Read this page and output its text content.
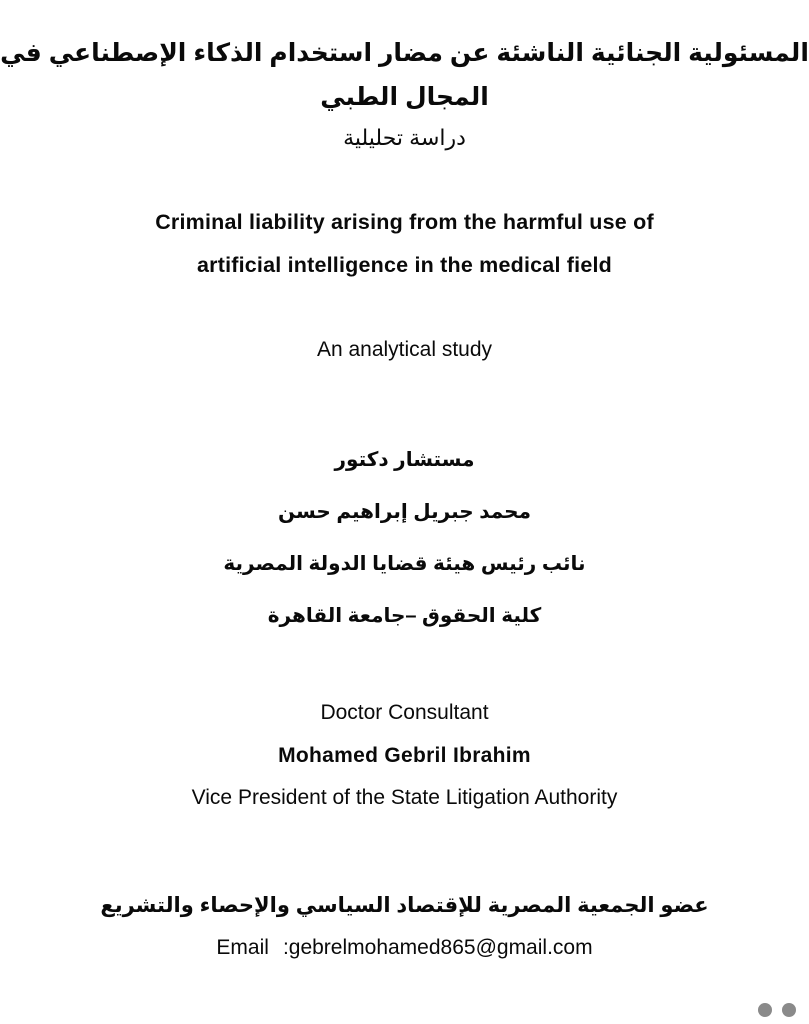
المسئولية الجنائية الناشئة عن مضار استخدام الذكاء الإصطناعي في
المجال الطبي
دراسة تحليلية
Criminal liability arising from the harmful use of
artificial intelligence in the medical field
An analytical study
مستشار دكتور
محمد جبريل إبراهيم حسن
نائب رئيس هيئة قضايا الدولة المصرية
كلية الحقوق –جامعة القاهرة
Doctor Consultant
Mohamed Gebril Ibrahim
Vice President of the State Litigation Authority
عضو الجمعية المصرية للإقتصاد السياسي والإحصاء والتشريع
Email :gebrelmohamed865@gmail.com
